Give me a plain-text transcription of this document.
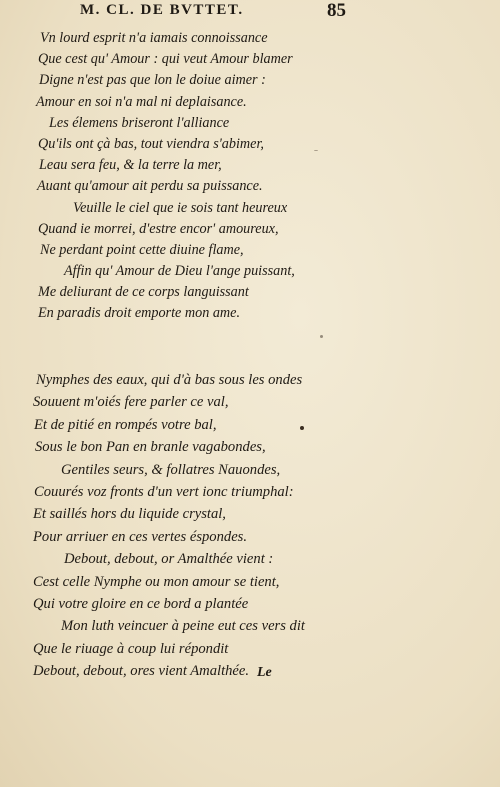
M. CL. DE BVTTET.	85
Vn lourd esprit n'a iamais connoissance
Que cest qu' Amour : qui veut Amour blamer
Digne n'est pas que lon le doiue aimer :
Amour en soi n'a mal ni deplaisance.
Les élemens briseront l'alliance
Qu'ils ont çà bas, tout viendra s'abimer,
Leau sera feu, & la terre la mer,
Auant qu'amour ait perdu sa puissance.
Veuille le ciel que ie sois tant heureux
Quand ie morrei, d'estre encor' amoureux,
Ne perdant point cette diuine flame,
Affin qu' Amour de Dieu l'ange puissant,
Me deliurant de ce corps languissant
En paradis droit emporte mon ame.
Nymphes des eaux, qui d'à bas sous les ondes
Souuent m'oiés fere parler ce val,
Et de pitié en rompés votre bal,
Sous le bon Pan en branle vagabondes,
Gentiles seurs, & follatres Nauondes,
Couurés voz fronts d'un vert ionc triumphal:
Et saillés hors du liquide crystal,
Pour arriuer en ces vertes éspondes.
Debout, debout, or Amalthée vient :
Cest celle Nymphe ou mon amour se tient,
Qui votre gloire en ce bord a plantée
Mon luth veincuer à peine eut ces vers dit
Que le riuage à coup lui répondit
Debout, debout, ores vient Amalthée. Le
